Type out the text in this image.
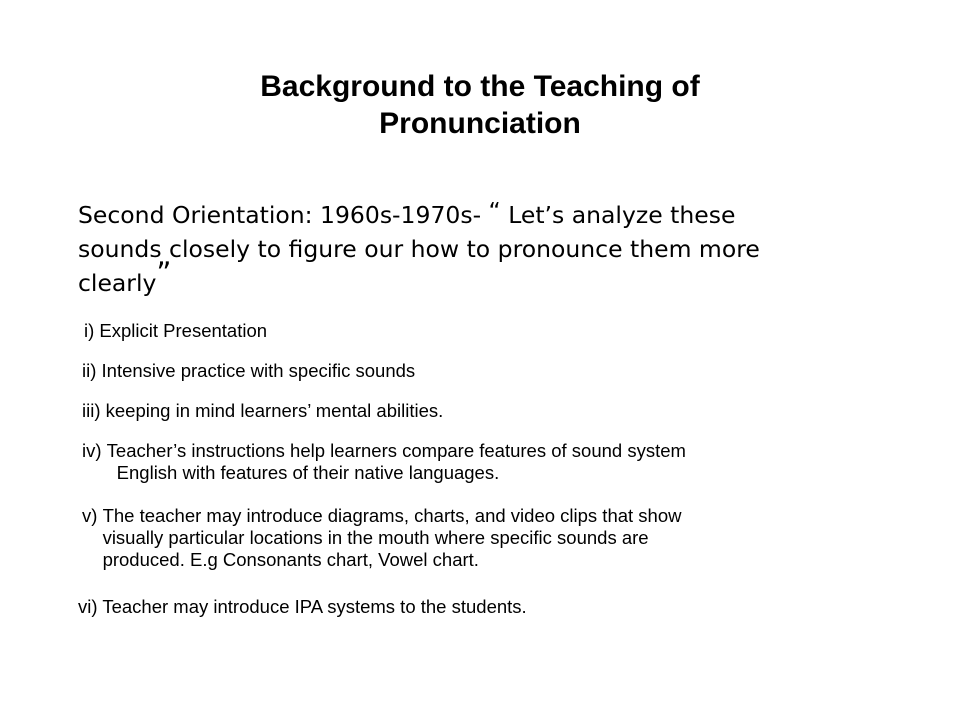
Background to the Teaching of
Pronunciation
Second Orientation: 1960s-1970s- “ Let’s analyze these
sounds closely to figure our how to pronounce them more
clearly”
i) Explicit Presentation
ii) Intensive practice with specific sounds
iii) keeping in mind learners’ mental abilities.
iv) Teacher’s instructions help learners compare features of sound system
English with features of their native languages.
v) The teacher may introduce diagrams, charts, and video clips that show
visually particular locations in the mouth where specific sounds are
produced. E.g Consonants chart, Vowel chart.
vi) Teacher may introduce IPA systems to the students.
